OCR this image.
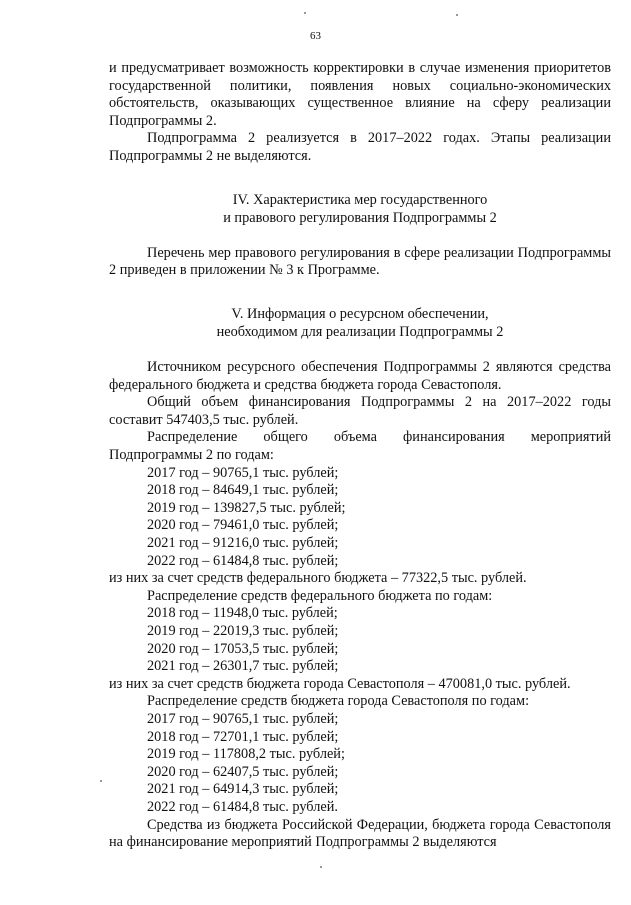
63

и предусматривает возможность корректировки в случае изменения приоритетов государственной политики, появления новых социально-экономических обстоятельств, оказывающих существенное влияние на сферу реализации Подпрограммы 2.

Подпрограмма 2 реализуется в 2017–2022 годах. Этапы реализации Подпрограммы 2 не выделяются.

IV. Характеристика мер государственного

и правового регулирования Подпрограммы 2

Перечень мер правового регулирования в сфере реализации Подпрограммы 2 приведен в приложении № 3 к Программе.

V. Информация о ресурсном обеспечении,

необходимом для реализации Подпрограммы 2

Источником ресурсного обеспечения Подпрограммы 2 являются средства федерального бюджета и средства бюджета города Севастополя.

Общий объем финансирования Подпрограммы 2 на 2017–2022 годы составит 547403,5 тыс. рублей.

Распределение общего объема финансирования мероприятий Подпрограммы 2 по годам:

2017 год – 90765,1 тыс. рублей;

2018 год – 84649,1 тыс. рублей;

2019 год – 139827,5 тыс. рублей;

2020 год – 79461,0 тыс. рублей;

2021 год – 91216,0 тыс. рублей;

2022 год – 61484,8 тыс. рублей;

из них за счет средств федерального бюджета – 77322,5 тыс. рублей.

Распределение средств федерального бюджета по годам:

2018 год – 11948,0 тыс. рублей;

2019 год – 22019,3 тыс. рублей;

2020 год – 17053,5 тыс. рублей;

2021 год – 26301,7 тыс. рублей;

из них за счет средств бюджета города Севастополя – 470081,0 тыс. рублей.

Распределение средств бюджета города Севастополя по годам:

2017 год – 90765,1 тыс. рублей;

2018 год – 72701,1 тыс. рублей;

2019 год – 117808,2 тыс. рублей;

2020 год – 62407,5 тыс. рублей;

2021 год – 64914,3 тыс. рублей;

2022 год – 61484,8 тыс. рублей.

Средства из бюджета Российской Федерации, бюджета города Севастополя на финансирование мероприятий Подпрограммы 2 выделяются
